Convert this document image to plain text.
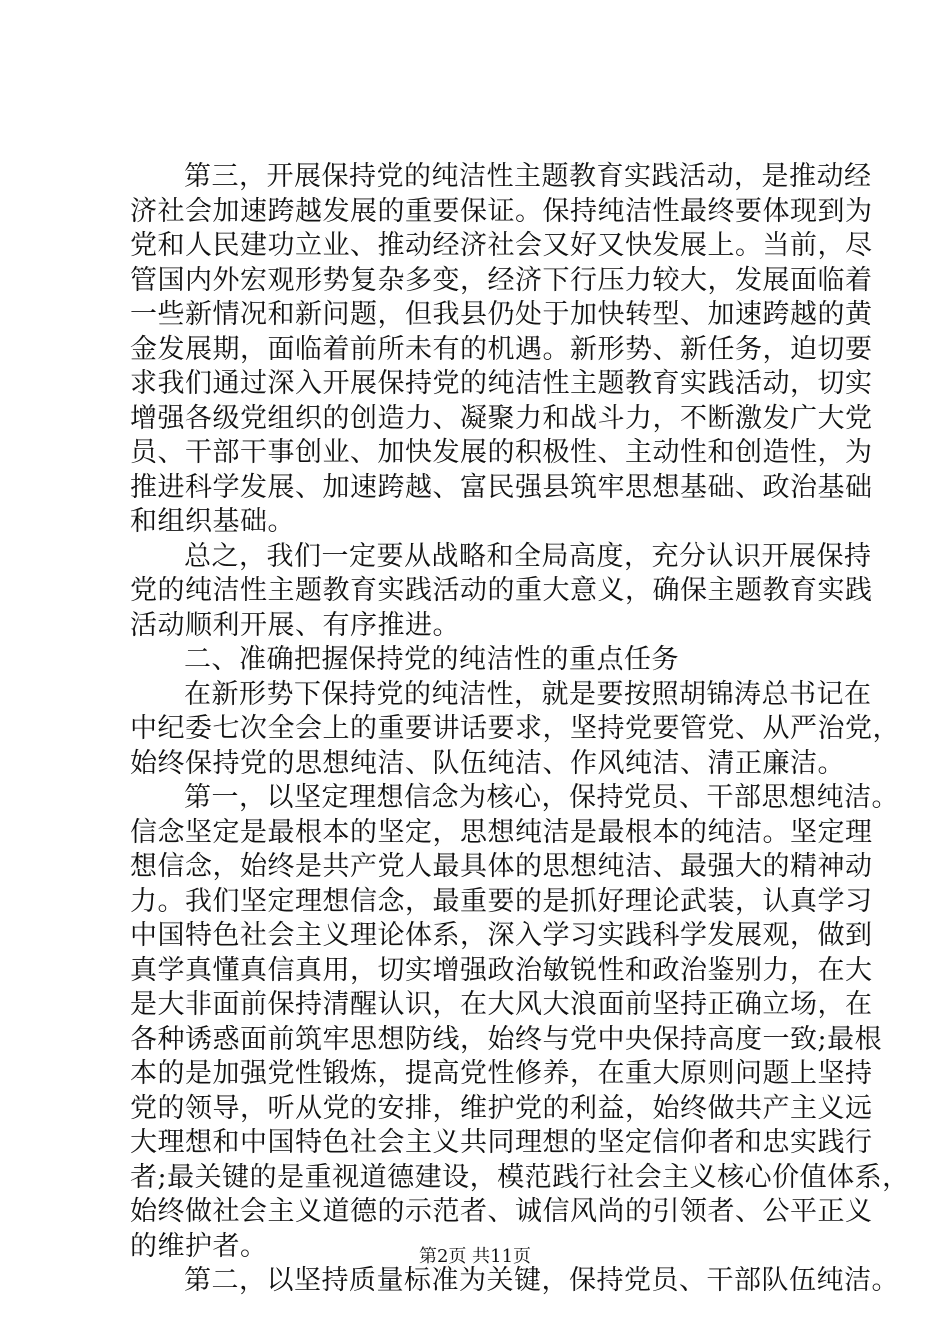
第三，开展保持党的纯洁性主题教育实践活动，是推动经
济社会加速跨越发展的重要保证。保持纯洁性最终要体现到为
党和人民建功立业、推动经济社会又好又快发展上。当前，尽
管国内外宏观形势复杂多变，经济下行压力较大，发展面临着
一些新情况和新问题，但我县仍处于加快转型、加速跨越的黄
金发展期，面临着前所未有的机遇。新形势、新任务，迫切要
求我们通过深入开展保持党的纯洁性主题教育实践活动，切实
增强各级党组织的创造力、凝聚力和战斗力，不断激发广大党
员、干部干事创业、加快发展的积极性、主动性和创造性，为
推进科学发展、加速跨越、富民强县筑牢思想基础、政治基础
和组织基础。
总之，我们一定要从战略和全局高度，充分认识开展保持
党的纯洁性主题教育实践活动的重大意义，确保主题教育实践
活动顺利开展、有序推进。
二、准确把握保持党的纯洁性的重点任务
在新形势下保持党的纯洁性，就是要按照胡锦涛总书记在
中纪委七次全会上的重要讲话要求，坚持党要管党、从严治党，
始终保持党的思想纯洁、队伍纯洁、作风纯洁、清正廉洁。
第一，以坚定理想信念为核心，保持党员、干部思想纯洁。
信念坚定是最根本的坚定，思想纯洁是最根本的纯洁。坚定理
想信念，始终是共产党人最具体的思想纯洁、最强大的精神动
力。我们坚定理想信念，最重要的是抓好理论武装，认真学习
中国特色社会主义理论体系，深入学习实践科学发展观，做到
真学真懂真信真用，切实增强政治敏锐性和政治鉴别力，在大
是大非面前保持清醒认识，在大风大浪面前坚持正确立场，在
各种诱惑面前筑牢思想防线，始终与党中央保持高度一致;最根
本的是加强党性锻炼，提高党性修养，在重大原则问题上坚持
党的领导，听从党的安排，维护党的利益，始终做共产主义远
大理想和中国特色社会主义共同理想的坚定信仰者和忠实践行
者;最关键的是重视道德建设，模范践行社会主义核心价值体系，
始终做社会主义道德的示范者、诚信风尚的引领者、公平正义
的维护者。
第二，以坚持质量标准为关键，保持党员、干部队伍纯洁。
第2页 共11页
